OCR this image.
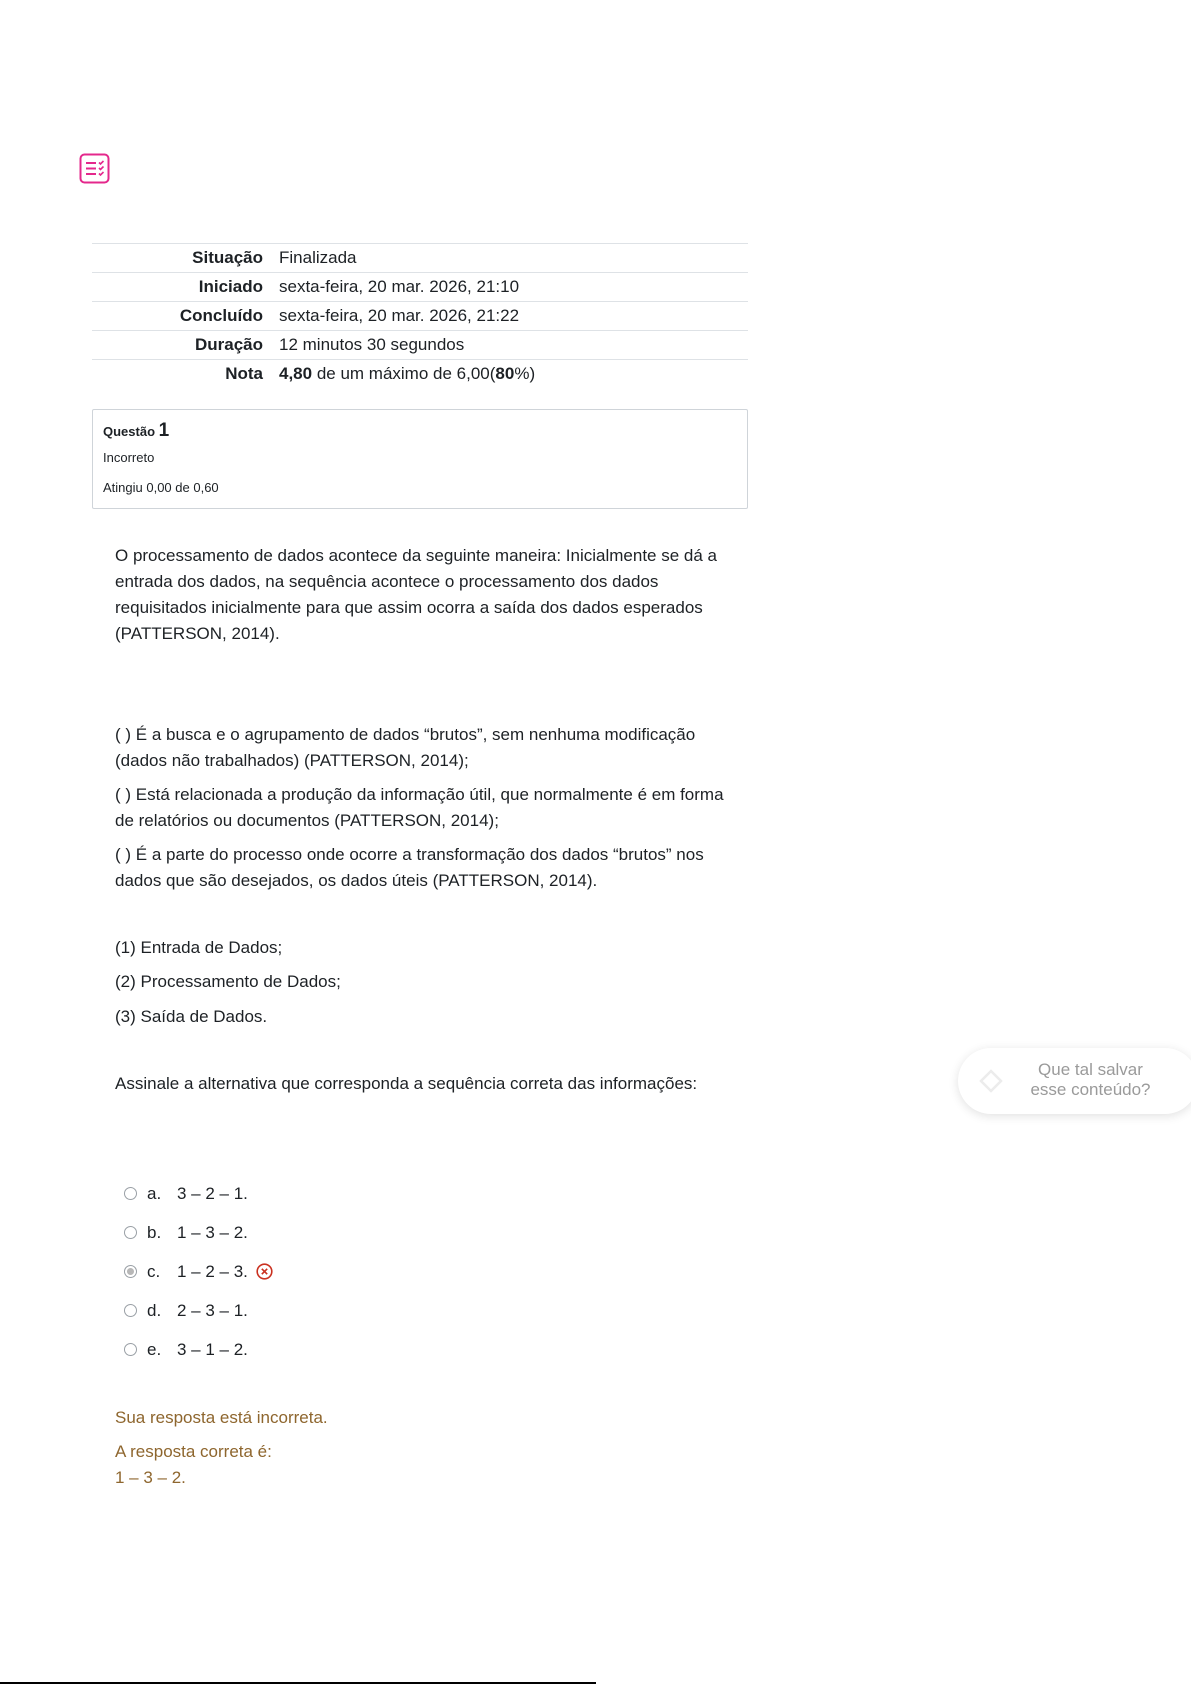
Situação	Finalizada
Iniciado	sexta-feira, 20 mar. 2026, 21:10
Concluído	sexta-feira, 20 mar. 2026, 21:22
Duração	12 minutos 30 segundos
Nota	4,80 de um máximo de 6,00(80%)
Questão 1
Incorreto
Atingiu 0,00 de 0,60

O processamento de dados acontece da seguinte maneira: Inicialmente se dá a entrada dos dados, na sequência acontece o processamento dos dados requisitados inicialmente para que assim ocorra a saída dos dados esperados (PATTERSON, 2014).

( ) É a busca e o agrupamento de dados “brutos”, sem nenhuma modificação (dados não trabalhados) (PATTERSON, 2014);

( ) Está relacionada a produção da informação útil, que normalmente é em forma de relatórios ou documentos (PATTERSON, 2014);

( ) É a parte do processo onde ocorre a transformação dos dados “brutos” nos dados que são desejados, os dados úteis (PATTERSON, 2014).

(1) Entrada de Dados;

(2) Processamento de Dados;

(3) Saída de Dados.

Assinale a alternativa que corresponda a sequência correta das informações:

a. 3 – 2 – 1.
b. 1 – 3 – 2.
c. 1 – 2 – 3.
d. 2 – 3 – 1.
e. 3 – 1 – 2.

Sua resposta está incorreta.

A resposta correta é:

1 – 3 – 2.

Que tal salvar
esse conteúdo?
